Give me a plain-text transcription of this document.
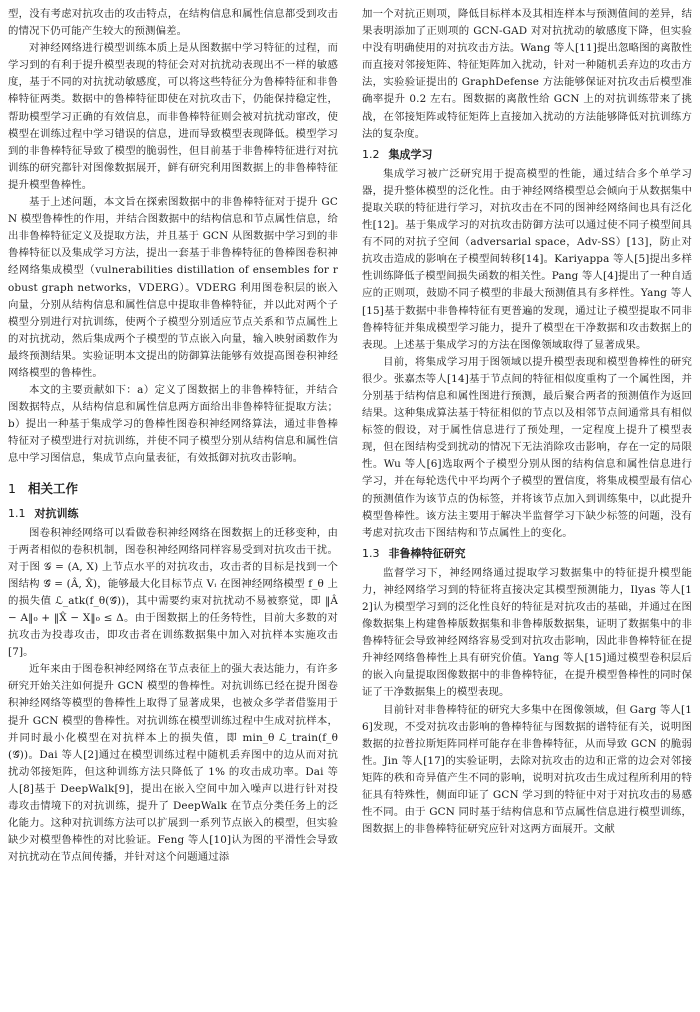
型，没有考虑对抗攻击的攻击特点，在结构信息和属性信息都受到攻击的情况下仍可能产生较大的预测偏差。

对神经网络进行模型训练本质上是从图数据中学习特征的过程，而学习到的有利于提升模型表现的特征会对对抗扰动表现出不一样的敏感度，基于不同的对抗扰动敏感度，可以将这些特征分为鲁棒特征和非鲁棒特征两类。数据中的鲁棒特征即使在对抗攻击下，仍能保持稳定性，帮助模型学习正确的有效信息，而非鲁棒特征则会被对抗扰动窜改，使模型在训练过程中学习错误的信息，进而导致模型表现降低。模型学习到的非鲁棒特征导致了模型的脆弱性，但目前基于非鲁棒特征进行对抗训练的研究都针对图像数据展开，鲜有研究利用图数据上的非鲁棒特征提升模型鲁棒性。

基于上述问题，本文旨在探索图数据中的非鲁棒特征对于提升 GCN 模型鲁棒性的作用，并结合图数据中的结构信息和节点属性信息，给出非鲁棒特征定义及提取方法，并且基于 GCN 从图数据中学习到的非鲁棒特征以及集成学习方法，提出一套基于非鲁棒特征的鲁棒图卷积神经网络集成模型（vulnerabilities distillation of ensembles for robust graph networks，VDERG）。VDERG 利用图卷积层的嵌入向量，分别从结构信息和属性信息中提取非鲁棒特征，并以此对两个子模型分别进行对抗训练，使两个子模型分别适应节点关系和节点属性上的对抗扰动，然后集成两个子模型的节点嵌入向量，输入映射函数作为最终预测结果。实验证明本文提出的防御算法能够有效提高图卷积神经网络模型的鲁棒性。

本文的主要贡献如下：a）定义了图数据上的非鲁棒特征，并结合图数据特点，从结构信息和属性信息两方面给出非鲁棒特征提取方法；b）提出一种基于集成学习的鲁棒性图卷积神经网络算法，通过非鲁棒特征对子模型进行对抗训练，并使不同子模型分别从结构信息和属性信息中学习图信息，集成节点向量表征，有效抵御对抗攻击影响。

1 相关工作
1.1 对抗训练

图卷积神经网络可以看做卷积神经网络在图数据上的迁移变种，由于两者相似的卷积机制，图卷积神经网络同样容易受到对抗攻击干扰。对于图 𝒢 = (A, X) 上节点水平的对抗攻击，攻击者的目标是找到一个图结构 𝒢̂ = (Â, X̂)，能够最大化目标节点 Vᵢ 在图神经网络模型 f_θ 上的损失值 ℒ_atk(f_θ(𝒢̂))，其中需要约束对抗扰动不易被察觉，即 ‖Â − A‖₀ + ‖X̂ − X‖₀ ≤ Δ。由于图数据上的任务特性，目前大多数的对抗攻击为投毒攻击，即攻击者在训练数据集中加入对抗样本实施攻击[7]。

近年来由于图卷积神经网络在节点表征上的强大表达能力，有许多研究开始关注如何提升 GCN 模型的鲁棒性。对抗训练已经在提升图卷积神经网络等模型的鲁棒性上取得了显著成果，也被众多学者借鉴用于提升 GCN 模型的鲁棒性。对抗训练在模型训练过程中生成对抗样本，并同时最小化模型在对抗样本上的损失值，即 min_θ ℒ_train(f_θ(𝒢̂))。Dai 等人[2]通过在模型训练过程中随机丢弃图中的边从而对抗扰动邻接矩阵，但这种训练方法只降低了 1% 的攻击成功率。Dai 等人[8]基于 DeepWalk[9]，提出在嵌入空间中加入噪声以进行针对投毒攻击情境下的对抗训练，提升了 DeepWalk 在节点分类任务上的泛化能力。这种对抗训练方法可以扩展到一系列节点嵌入的模型，但实验缺少对模型鲁棒性的对比验证。Feng 等人[10]认为图的平滑性会导致对抗扰动在节点间传播，并针对这个问题通过添

加一个对抗正则项，降低目标样本及其相连样本与预测值间的差异，结果表明添加了正则项的 GCN-GAD 对对抗扰动的敏感度下降，但实验中没有明确使用的对抗攻击方法。Wang 等人[11]提出忽略图的离散性而直接对邻接矩阵、特征矩阵加入扰动，针对一种随机丢弃边的攻击方法，实验验证提出的 GraphDefense 方法能够保证对抗攻击后模型准确率提升 0.2 左右。图数据的离散性给 GCN 上的对抗训练带来了挑战，在邻接矩阵或特征矩阵上直接加入扰动的方法能够降低对抗训练方法的复杂度。

1.2 集成学习

集成学习被广泛研究用于提高模型的性能，通过结合多个单学习器，提升整体模型的泛化性。由于神经网络模型总会倾向于从数据集中提取关联的特征进行学习，对抗攻击在不同的图神经网络间也具有泛化性[12]。基于集成学习的对抗攻击防御方法可以通过使不同子模型间具有不同的对抗子空间（adversarial space，Adv-SS）[13]，防止对抗攻击造成的影响在子模型间转移[14]。Kariyappa 等人[5]提出多样性训练降低子模型间损失函数的相关性。Pang 等人[4]提出了一种自适应的正则项，鼓励不同子模型的非最大预测值具有多样性。Yang 等人[15]基于数据中非鲁棒特征有更普遍的发现，通过让子模型提取不同非鲁棒特征并集成模型学习能力，提升了模型在干净数据和攻击数据上的表现。上述基于集成学习的方法在图像领域取得了显著成果。

目前，将集成学习用于图领域以提升模型表现和模型鲁棒性的研究很少。张嘉杰等人[14]基于节点间的特征相似度重构了一个属性图，并分别基于结构信息和属性图进行预测，最后聚合两者的预测值作为返回结果。这种集成算法基于特征相似的节点以及相邻节点间通常具有相似标签的假设，对于属性信息进行了预处理，一定程度上提升了模型表现，但在图结构受到扰动的情况下无法消除攻击影响，存在一定的局限性。Wu 等人[6]选取两个子模型分别从图的结构信息和属性信息进行学习，并在每轮迭代中平均两个子模型的置信度，将集成模型最有信心的预测值作为该节点的伪标签，并将该节点加入到训练集中，以此提升模型鲁棒性。该方法主要用于解决半监督学习下缺少标签的问题，没有考虑对抗攻击下图结构和节点属性上的变化。

1.3 非鲁棒特征研究

监督学习下，神经网络通过提取学习数据集中的特征提升模型能力，神经网络学习到的特征将直接决定其模型预测能力，Ilyas 等人[12]认为模型学习到的泛化性良好的特征是对抗攻击的基础，并通过在图像数据集上构建鲁棒版数据集和非鲁棒版数据集，证明了数据集中的非鲁棒特征会导致神经网络容易受到对抗攻击影响，因此非鲁棒特征在提升神经网络鲁棒性上具有研究价值。Yang 等人[15]通过模型卷积层后的嵌入向量提取图像数据中的非鲁棒特征，在提升模型鲁棒性的同时保证了干净数据集上的模型表现。

目前针对非鲁棒特征的研究大多集中在图像领域，但 Garg 等人[16]发现，不受对抗攻击影响的鲁棒特征与图数据的谱特征有关，说明图数据的拉普拉斯矩阵同样可能存在非鲁棒特征，从而导致 GCN 的脆弱性。Jin 等人[17]的实验证明，去除对抗攻击的边和正常的边会对邻接矩阵的秩和奇异值产生不同的影响，说明对抗攻击生成过程所利用的特征具有特殊性，侧面印证了 GCN 学习到的特征中对于对抗攻击的易感性不同。由于 GCN 同时基于结构信息和节点属性信息进行模型训练，图数据上的非鲁棒特征研究应针对这两方面展开。文献
